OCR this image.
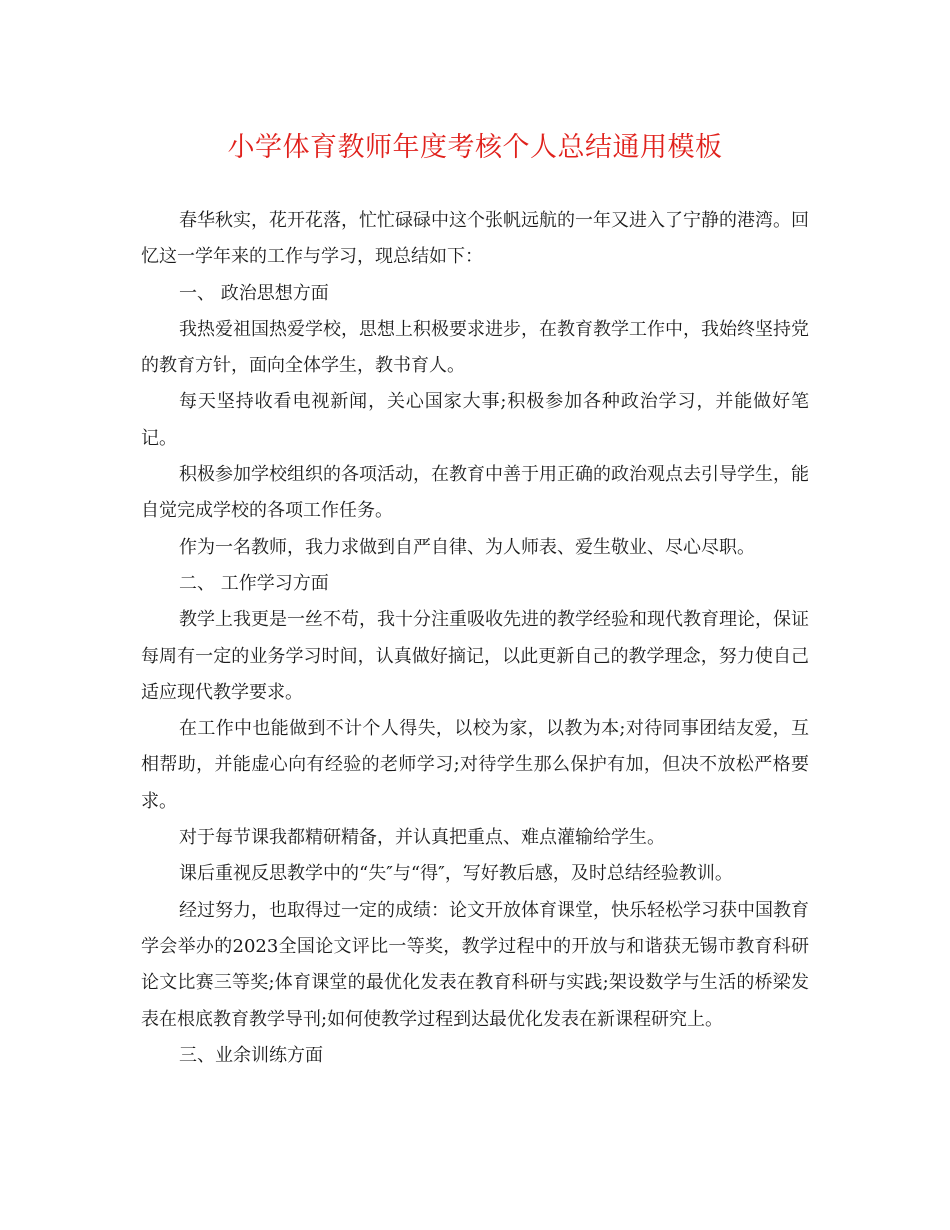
小学体育教师年度考核个人总结通用模板

春华秋实，花开花落，忙忙碌碌中这个张帆远航的一年又进入了宁静的港湾。回忆这一学年来的工作与学习，现总结如下：

一、 政治思想方面

我热爱祖国热爱学校，思想上积极要求进步，在教育教学工作中，我始终坚持党的教育方针，面向全体学生，教书育人。

每天坚持收看电视新闻，关心国家大事;积极参加各种政治学习，并能做好笔记。

积极参加学校组织的各项活动，在教育中善于用正确的政治观点去引导学生，能自觉完成学校的各项工作任务。

作为一名教师，我力求做到自严自律、为人师表、爱生敬业、尽心尽职。

二、 工作学习方面

教学上我更是一丝不苟，我十分注重吸收先进的教学经验和现代教育理论，保证每周有一定的业务学习时间，认真做好摘记，以此更新自己的教学理念，努力使自己适应现代教学要求。

在工作中也能做到不计个人得失，以校为家，以教为本;对待同事团结友爱，互相帮助，并能虚心向有经验的老师学习;对待学生那么保护有加，但决不放松严格要求。

对于每节课我都精研精备，并认真把重点、难点灌输给学生。

课后重视反思教学中的“失″与“得″，写好教后感，及时总结经验教训。

经过努力，也取得过一定的成绩：论文开放体育课堂，快乐轻松学习获中国教育学会举办的2023全国论文评比一等奖，教学过程中的开放与和谐获无锡市教育科研论文比赛三等奖;体育课堂的最优化发表在教育科研与实践;架设数学与生活的桥梁发表在根底教育教学导刊;如何使教学过程到达最优化发表在新课程研究上。

三、业余训练方面
